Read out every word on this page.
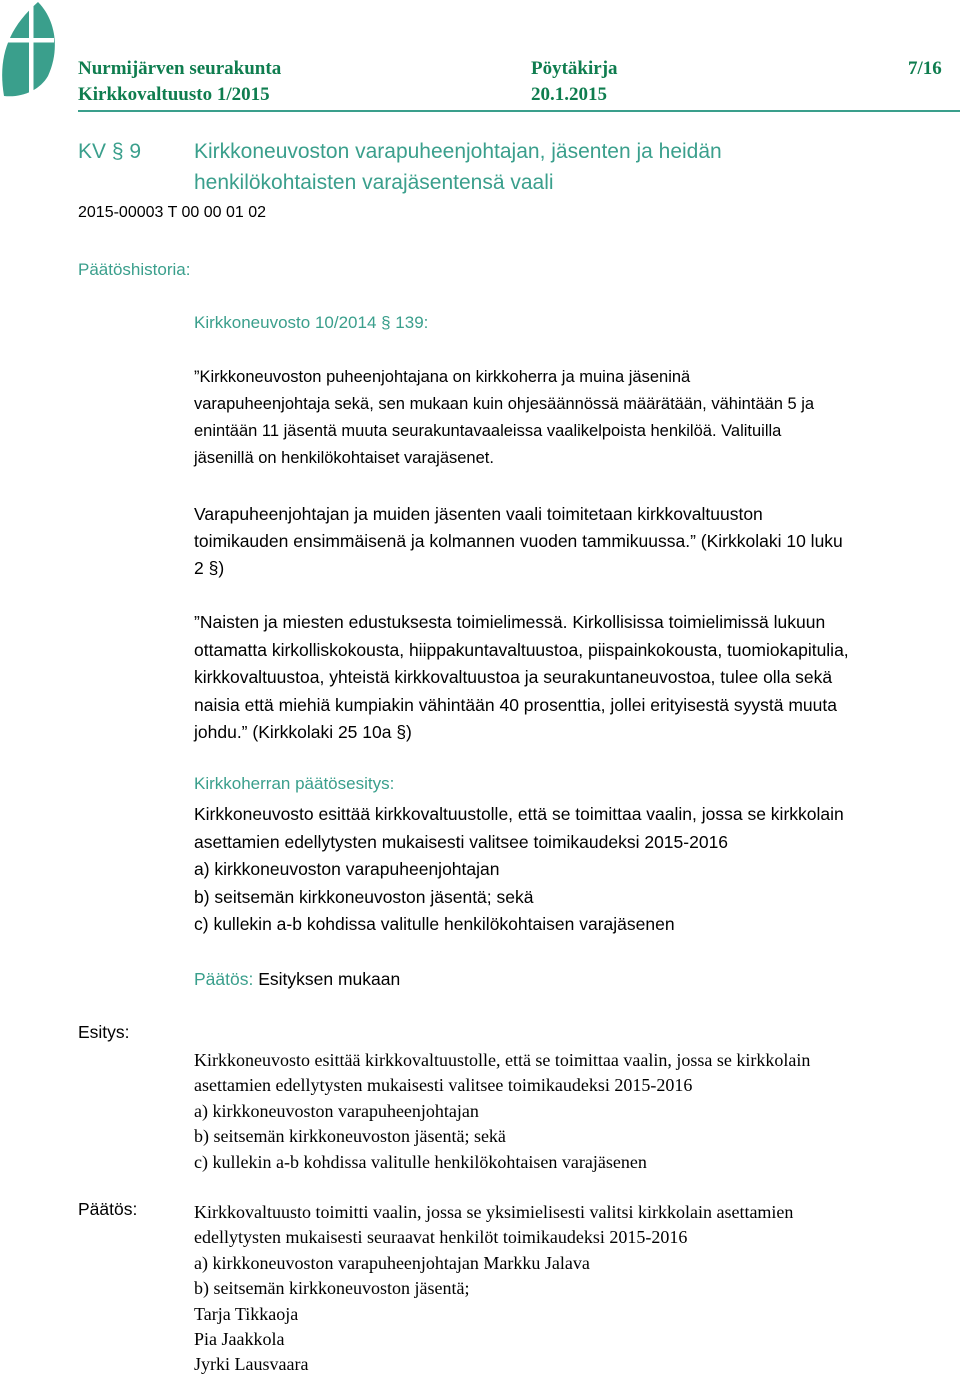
Nurmijärven seurakunta	Pöytäkirja	7/16
Kirkkovaltuusto 1/2015	20.1.2015
KV § 9	Kirkkoneuvoston varapuheenjohtajan, jäsenten ja heidän
henkilökohtaisten varajäsentensä vaali
2015-00003 T 00 00 01 02
Päätöshistoria:
Kirkkoneuvosto 10/2014 § 139:
”Kirkkoneuvoston puheenjohtajana on kirkkoherra ja muina jäseninä
varapuheenjohtaja sekä, sen mukaan kuin ohjesäännössä määrätään, vähintään 5 ja
enintään 11 jäsentä muuta seurakuntavaaleissa vaalikelpoista henkilöä. Valituilla
jäsenillä on henkilökohtaiset varajäsenet.
Varapuheenjohtajan ja muiden jäsenten vaali toimitetaan kirkkovaltuuston
toimikauden ensimmäisenä ja kolmannen vuoden tammikuussa.” (Kirkkolaki 10 luku
2 §)
”Naisten ja miesten edustuksesta toimielimessä. Kirkollisissa toimielimissä lukuun
ottamatta kirkolliskokousta, hiippakuntavaltuustoa, piispainkokousta, tuomiokapitulia,
kirkkovaltuustoa, yhteistä kirkkovaltuustoa ja seurakuntaneuvostoa, tulee olla sekä
naisia että miehiä kumpiakin vähintään 40 prosenttia, jollei erityisestä syystä muuta
johdu.” (Kirkkolaki 25 10a §)
Kirkkoherran päätösesitys:
Kirkkoneuvosto esittää kirkkovaltuustolle, että se toimittaa vaalin, jossa se kirkkolain
asettamien edellytysten mukaisesti valitsee toimikaudeksi 2015-2016
a) kirkkoneuvoston varapuheenjohtajan
b) seitsemän kirkkoneuvoston jäsentä; sekä
c) kullekin a-b kohdissa valitulle henkilökohtaisen varajäsenen
Päätös: Esityksen mukaan
Esitys:
Kirkkoneuvosto esittää kirkkovaltuustolle, että se toimittaa vaalin, jossa se kirkkolain
asettamien edellytysten mukaisesti valitsee toimikaudeksi 2015-2016
a) kirkkoneuvoston varapuheenjohtajan
b) seitsemän kirkkoneuvoston jäsentä; sekä
c) kullekin a-b kohdissa valitulle henkilökohtaisen varajäsenen
Päätös:	Kirkkovaltuusto toimitti vaalin, jossa se yksimielisesti valitsi kirkkolain asettamien
edellytysten mukaisesti seuraavat henkilöt toimikaudeksi 2015-2016
a) kirkkoneuvoston varapuheenjohtajan Markku Jalava
b) seitsemän kirkkoneuvoston jäsentä;
Tarja Tikkaoja
Pia Jaakkola
Jyrki Lausvaara
